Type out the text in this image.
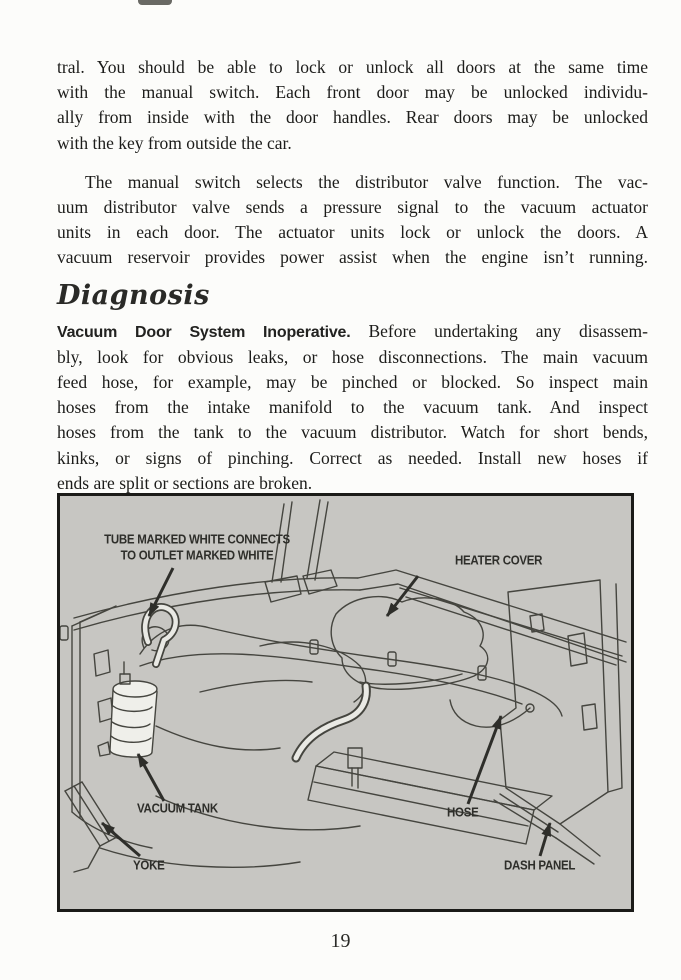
tral. You should be able to lock or unlock all doors at the same time
with the manual switch. Each front door may be unlocked individu-
ally from inside with the door handles. Rear doors may be unlocked
with the key from outside the car.
The manual switch selects the distributor valve function. The vac-
uum distributor valve sends a pressure signal to the vacuum actuator
units in each door. The actuator units lock or unlock the doors. A
vacuum reservoir provides power assist when the engine isn’t running.
Diagnosis
Vacuum Door System Inoperative. Before undertaking any disassem-
bly, look for obvious leaks, or hose disconnections. The main vacuum
feed hose, for example, may be pinched or blocked. So inspect main
hoses from the intake manifold to the vacuum tank. And inspect
hoses from the tank to the vacuum distributor. Watch for short bends,
kinks, or signs of pinching. Correct as needed. Install new hoses if
ends are split or sections are broken.
TUBE MARKED WHITE CONNECTS
TO OUTLET MARKED WHITE	HEATER COVER
VACUUM TANK
YOKE
HOSE
DASH PANEL
19
